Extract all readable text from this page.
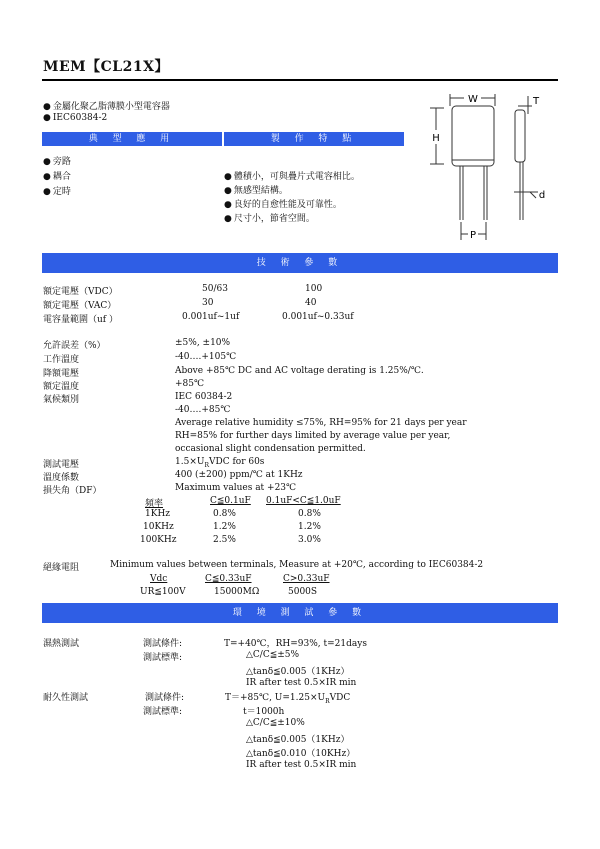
MEM【CL21X】
● 金屬化聚乙脂薄膜小型電容器
● IEC60384-2
典 型 應 用	製 作 特 點
● 旁路
● 耦合
● 定時
● 體積小，可與疊片式電容相比。
● 無感型結構。
● 良好的自愈性能及可靠性。
● 尺寸小，節省空間。
W	T
H
d
P
技 術 參 數
額定電壓（VDC）	50/63	100
額定電壓（VAC）	30	40
電容量範圍（uf ）	0.001uf~1uf	0.001uf~0.33uf
允許誤差（%）	±5%, ±10%
工作溫度	-40….+105℃
降額電壓	Above +85℃ DC and AC voltage derating is 1.25%/℃.
額定溫度	+85℃
氣候類別	IEC 60384-2
-40….+85℃
Average relative humidity ≤75%, RH=95% for 21 days per year
RH=85% for further days limited by average value per year,
occasional slight condensation permitted.
測試電壓	$1.5\times U_RVDC$ for 60s
溫度係數	400 (±200) ppm/℃ at 1KHz
損失角（DF）	Maximum values at +23℃
頻率	C≦0.1uF 0.1uF<C≦1.0uF
1KHz	0.8%	0.8%
10KHz	1.2%	1.2%
100KHz	2.5%	3.0%
絕緣電阻	Minimum values between terminals, Measure at +20℃, according to IEC60384-2
Vdc	C≦0.33uF	C>0.33uF
UR≦100V	15000MΩ	5000S
環 境 測 試 參 數
濕熱測試	測試條件:	T=+40℃，RH=93%, t=21days
測試標準:	△C/C≦±5%
△tanδ≦0.005（1KHz）
IR after test 0.5×IR min
耐久性測試	測試條件:	T＝+85℃, $U=1.25\times U_RVDC$
測試標準:	t＝1000h
△C/C≦±10%
△tanδ≦0.005（1KHz）
△tanδ≦0.010（10KHz）
IR after test 0.5×IR min
